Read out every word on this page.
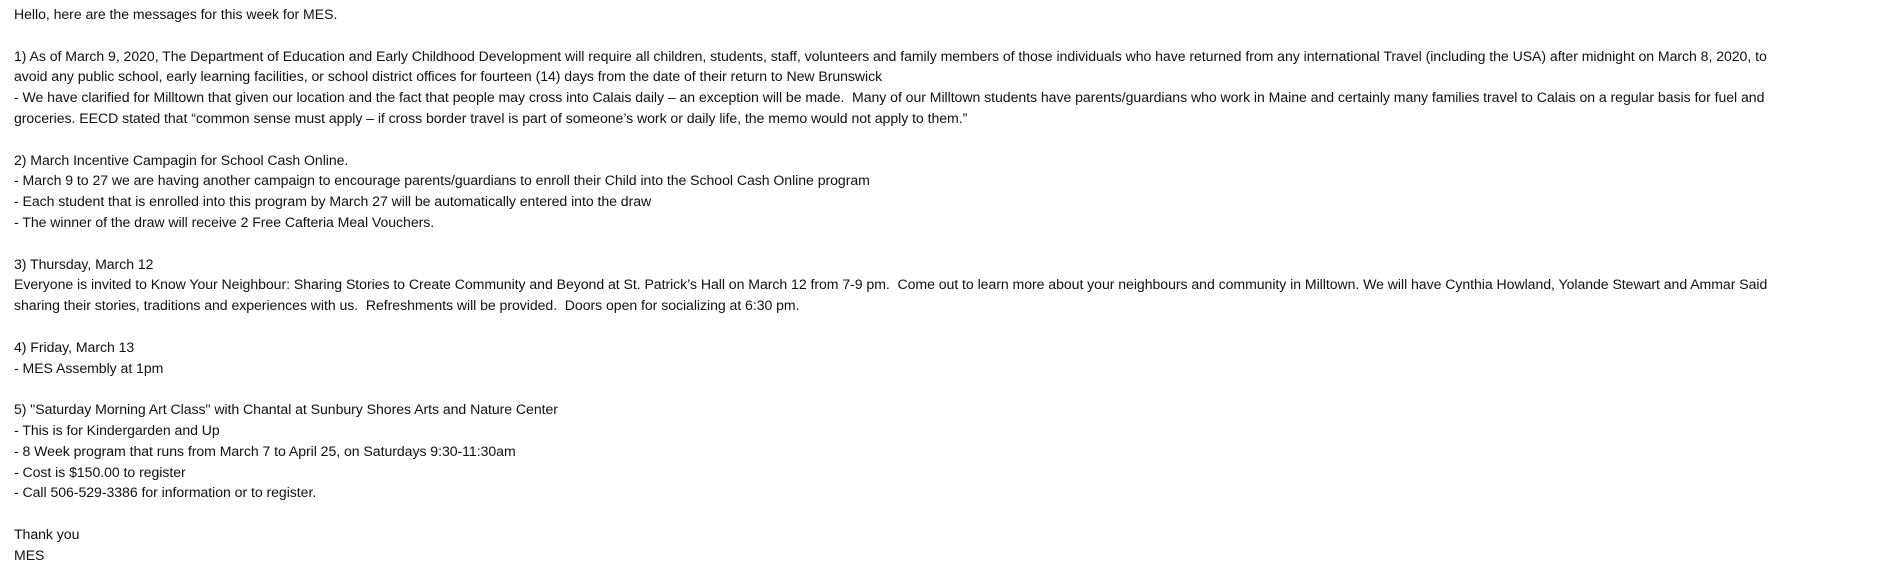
Hello, here are the messages for this week for MES.
1) As of March 9, 2020, The Department of Education and Early Childhood Development will require all children, students, staff, volunteers and family members of those individuals who have returned from any international Travel (including the USA) after midnight on March 8, 2020, to
avoid any public school, early learning facilities, or school district offices for fourteen (14) days from the date of their return to New Brunswick
- We have clarified for Milltown that given our location and the fact that people may cross into Calais daily – an exception will be made.  Many of our Milltown students have parents/guardians who work in Maine and certainly many families travel to Calais on a regular basis for fuel and
groceries. EECD stated that “common sense must apply – if cross border travel is part of someone’s work or daily life, the memo would not apply to them.”
2) March Incentive Campagin for School Cash Online.
- March 9 to 27 we are having another campaign to encourage parents/guardians to enroll their Child into the School Cash Online program
- Each student that is enrolled into this program by March 27 will be automatically entered into the draw
- The winner of the draw will receive 2 Free Cafteria Meal Vouchers.
3) Thursday, March 12
Everyone is invited to Know Your Neighbour: Sharing Stories to Create Community and Beyond at St. Patrick’s Hall on March 12 from 7-9 pm.  Come out to learn more about your neighbours and community in Milltown. We will have Cynthia Howland, Yolande Stewart and Ammar Said
sharing their stories, traditions and experiences with us.  Refreshments will be provided.  Doors open for socializing at 6:30 pm.
4) Friday, March 13
- MES Assembly at 1pm
5) "Saturday Morning Art Class" with Chantal at Sunbury Shores Arts and Nature Center
- This is for Kindergarden and Up
- 8 Week program that runs from March 7 to April 25, on Saturdays 9:30-11:30am
- Cost is $150.00 to register
- Call 506-529-3386 for information or to register.
Thank you
MES
